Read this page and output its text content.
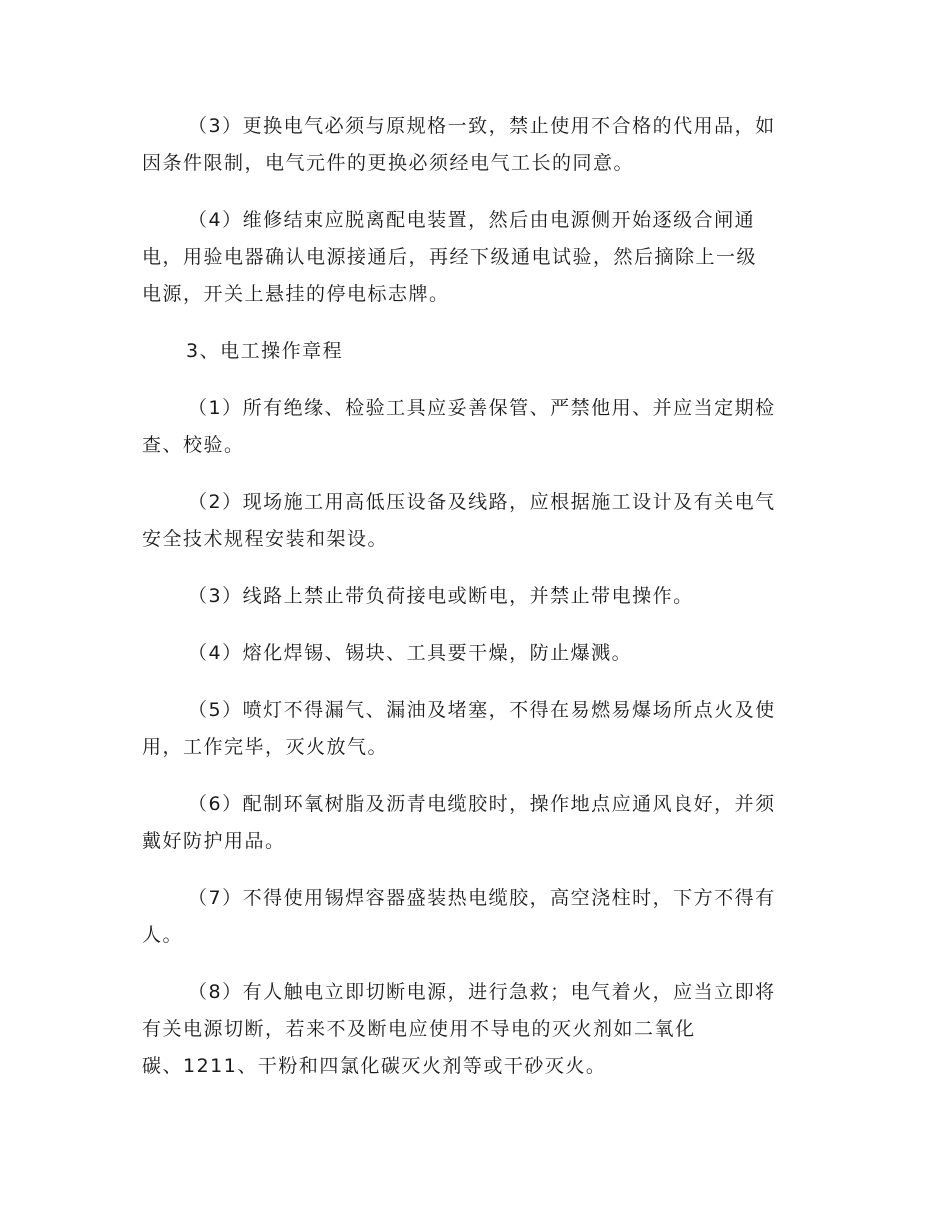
（3）更换电气必须与原规格一致，禁止使用不合格的代用品，如
因条件限制，电气元件的更换必须经电气工长的同意。

（4）维修结束应脱离配电装置，然后由电源侧开始逐级合闸通
电，用验电器确认电源接通后，再经下级通电试验，然后摘除上一级
电源，开关上悬挂的停电标志牌。

3、电工操作章程

（1）所有绝缘、检验工具应妥善保管、严禁他用、并应当定期检
查、校验。

（2）现场施工用高低压设备及线路，应根据施工设计及有关电气
安全技术规程安装和架设。

（3）线路上禁止带负荷接电或断电，并禁止带电操作。

（4）熔化焊锡、锡块、工具要干燥，防止爆溅。

（5）喷灯不得漏气、漏油及堵塞，不得在易燃易爆场所点火及使
用，工作完毕，灭火放气。

（6）配制环氧树脂及沥青电缆胶时，操作地点应通风良好，并须
戴好防护用品。

（7）不得使用锡焊容器盛装热电缆胶，高空浇柱时，下方不得有
人。

（8）有人触电立即切断电源，进行急救；电气着火，应当立即将
有关电源切断，若来不及断电应使用不导电的灭火剂如二氧化
碳、1211、干粉和四氯化碳灭火剂等或干砂灭火。
